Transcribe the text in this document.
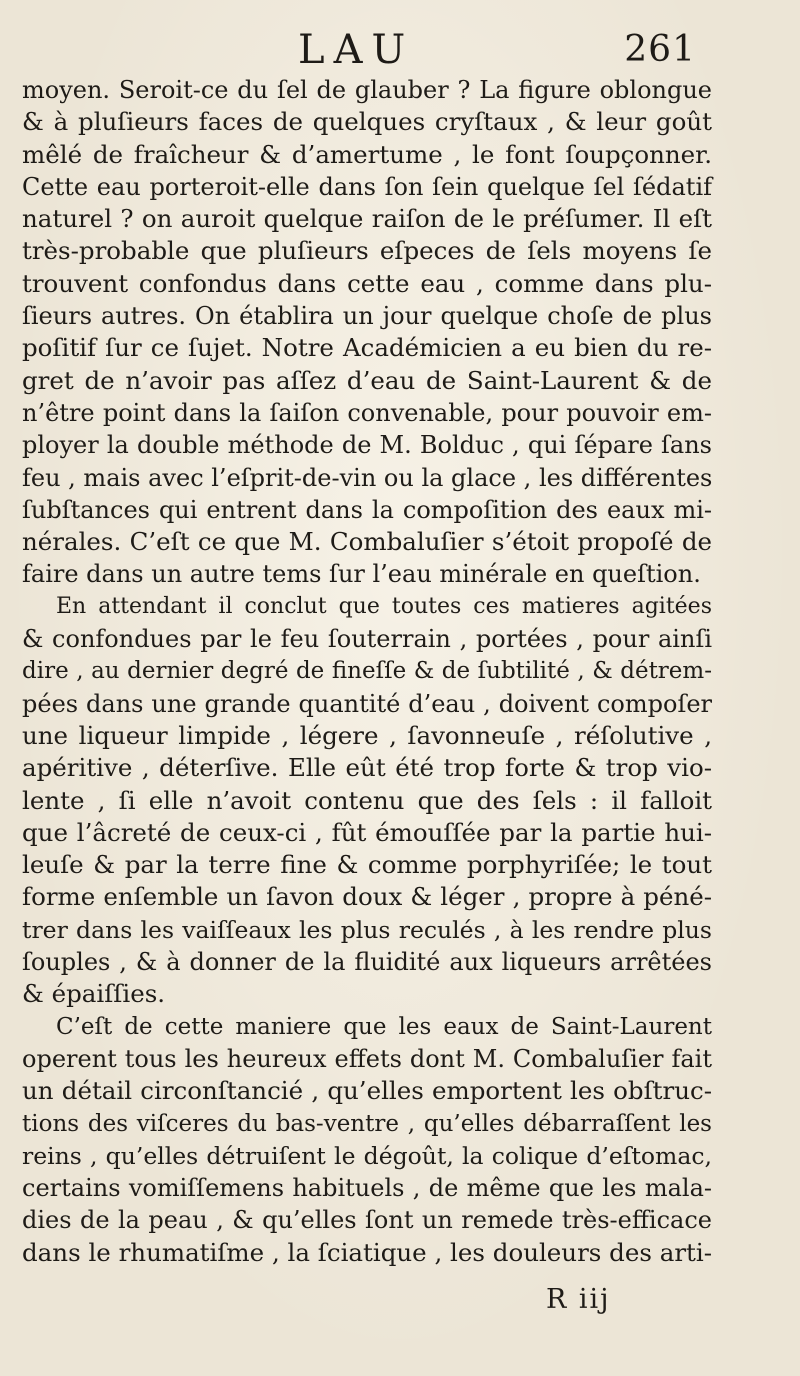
LAU	261
moyen. Seroit-ce du ſel de glauber ? La figure oblongue
& à pluſieurs faces de quelques cryſtaux , & leur goût
mêlé de fraîcheur & d’amertume , le font ſoupçonner.
Cette eau porteroit-elle dans ſon ſein quelque ſel ſédatif
naturel ? on auroit quelque raiſon de le préſumer. Il eſt
très-probable que pluſieurs eſpeces de ſels moyens ſe
trouvent confondus dans cette eau , comme dans plu-
ſieurs autres. On établira un jour quelque choſe de plus
poſitif ſur ce ſujet. Notre Académicien a eu bien du re-
gret de n’avoir pas aſſez d’eau de Saint-Laurent & de
n’être point dans la ſaiſon convenable, pour pouvoir em-
ployer la double méthode de M. Bolduc , qui ſépare ſans
feu , mais avec l’eſprit-de-vin ou la glace , les différentes
ſubſtances qui entrent dans la compoſition des eaux mi-
nérales. C’eſt ce que M. Combaluſier s’étoit propoſé de
faire dans un autre tems ſur l’eau minérale en queſtion.
En attendant il conclut que toutes ces matieres agitées
& confondues par le feu ſouterrain , portées , pour ainſi
dire , au dernier degré de fineſſe & de ſubtilité , & détrem-
pées dans une grande quantité d’eau , doivent compoſer
une liqueur limpide , légere , ſavonneuſe , réſolutive ,
apéritive , déterſive. Elle eût été trop forte & trop vio-
lente , ſi elle n’avoit contenu que des ſels : il falloit
que l’âcreté de ceux-ci , fût émouſſée par la partie hui-
leuſe & par la terre fine & comme porphyriſée; le tout
forme enſemble un ſavon doux & léger , propre à péné-
trer dans les vaiſſeaux les plus reculés , à les rendre plus
ſouples , & à donner de la fluidité aux liqueurs arrêtées
& épaiſſies.
C’eſt de cette maniere que les eaux de Saint-Laurent
operent tous les heureux effets dont M. Combaluſier fait
un détail circonſtancié , qu’elles emportent les obſtruc-
tions des viſceres du bas-ventre , qu’elles débarraſſent les
reins , qu’elles détruiſent le dégoût, la colique d’eſtomac,
certains vomiſſemens habituels , de même que les mala-
dies de la peau , & qu’elles ſont un remede très-efficace
dans le rhumatiſme , la ſciatique , les douleurs des arti-
R iij
